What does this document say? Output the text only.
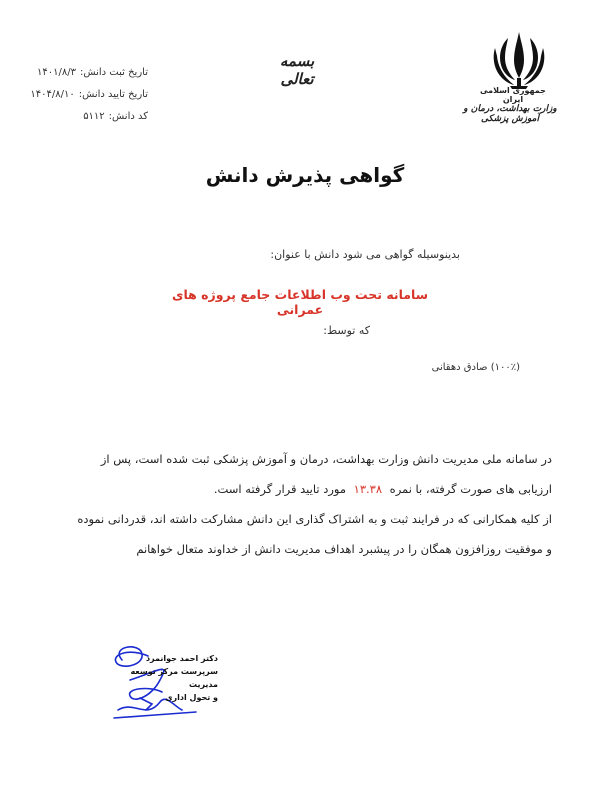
جمهوری اسلامی ایران
وزارت بهداشت، درمان و آموزش پزشکی
بسمه تعالی
تاریخ ثبت دانش:
۱۴۰۱/۸/۳
تاریخ تایید دانش:
۱۴۰۴/۸/۱۰
کد دانش:
۵۱۱۲
گواهی پذیرش دانش
بدینوسیله گواهی می شود دانش با عنوان:
سامانه تحت وب اطلاعات جامع پروژه های عمرانی
که توسط:
(۱۰۰٪) صادق دهقانی
در سامانه ملی مدیریت دانش وزارت بهداشت، درمان و آموزش پزشکی ثبت شده است، پس از
ارزیابی های صورت گرفته، با نمره ۱۳.۳۸ مورد تایید قرار گرفته است.
از کلیه همکارانی که در فرایند ثبت و به اشتراک گذاری این دانش مشارکت داشته اند، قدردانی نموده
و موفقیت روزافزون همگان را در پیشبرد اهداف مدیریت دانش از خداوند متعال خواهانم
دکتر احمد جوانمرد
سرپرست مرکز توسعه مدیریت
و تحول اداری
